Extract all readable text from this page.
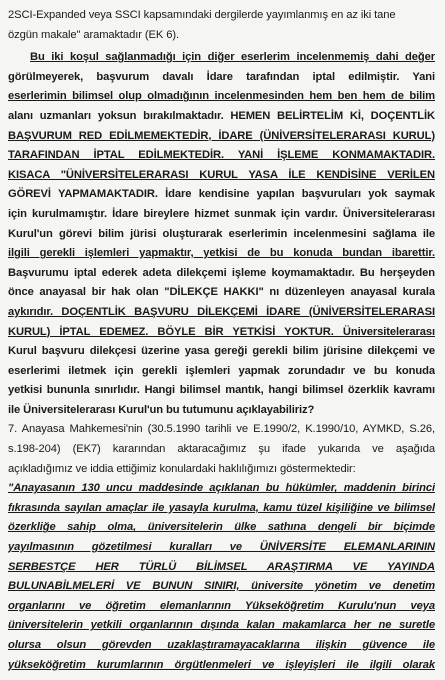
2SCI-Expanded veya SSCI kapsamındaki dergilerde yayımlanmış en az iki tane
özgün makale" aramaktadır (EK 6).
Bu iki koşul sağlanmadığı için diğer eserlerim incelenmemiş dahi değer
görülmeyerek, başvurum davalı İdare tarafından iptal edilmiştir. Yani
eserlerimin bilimsel olup olmadığının incelenmesinden hem ben hem de bilim
alanı uzmanları yoksun bırakılmaktadır. HEMEN BELİRTELİM Kİ, DOÇENTLİK
BAŞVURUM RED EDİLMEMEKTEDİR, İDARE (ÜNİVERSİTELERARASI KURUL)
TARAFINDAN İPTAL EDİLMEKTEDİR. YANİ İŞLEME KONMAMAKTADIR.
KISACA "ÜNİVERSİTELERARASI KURUL YASA İLE KENDİSİNE VERİLEN
GÖREVİ YAPMAMAKTADIR. İdare kendisine yapılan başvuruları yok saymak
için kurulmamıştır. İdare bireylere hizmet sunmak için vardır. Üniversitelerarası
Kurul'un görevi bilim jürisi oluşturarak eserlerimin incelenmesini sağlama ile
ilgili gerekli işlemleri yapmaktır, yetkisi de bu konuda bundan ibarettir.
Başvurumu iptal ederek adeta dilekçemi işleme koymamaktadır. Bu herşeyden
önce anayasal bir hak olan "DİLEKÇE HAKKI" nı düzenleyen anayasal kurala
aykırıdır. DOÇENTLİK BAŞVURU DİLEKÇEMİ İDARE (ÜNİVERSİTELERARASI
KURUL) İPTAL EDEMEZ. BÖYLE BİR YETKİSİ YOKTUR. Üniversitelerarası
Kurul başvuru dilekçesi üzerine yasa gereği gerekli bilim jürisine dilekçemi ve
eserlerimi iletmek için gerekli işlemleri yapmak zorundadır ve bu konuda
yetkisi bununla sınırlıdır. Hangi bilimsel mantık, hangi bilimsel özerklik kavramı
ile Üniversitelerarası Kurul'un bu tutumunu açıklayabiliriz?
7. Anayasa Mahkemesi'nin (30.5.1990 tarihli ve E.1990/2, K.1990/10, AYMKD, S.26,
s.198-204) (EK7) kararından aktaracağımız şu ifade yukarıda ve aşağıda
açıkladığımız ve iddia ettiğimiz konulardaki haklılığımızı göstermektedir:
"Anayasanın 130 uncu maddesinde açıklanan bu hükümler, maddenin birinci
fıkrasında sayılan amaçlar ile yasayla kurulma, kamu tüzel kişiliğine ve bilimsel
özerkliğe sahip olma, üniversitelerin ülke sathına dengeli bir biçimde
yayılmasının gözetilmesi kuralları ve ÜNİVERSİTE ELEMANLARININ
SERBESTÇE HER TÜRLÜ BİLİMSEL ARAŞTIRMA VE YAYINDA
BULUNABİLMELERİ VE BUNUN SINIRI, üniversite yönetim ve denetim
organlarını ve öğretim elemanlarının Yükseköğretim Kurulu'nun veya
üniversitelerin yetkili organlarının dışında kalan makamlarca her ne suretle
olursa olsun görevden uzaklaştıramayacaklarına ilişkin güvence ile
yükseköğretim kurumlarının örgütlenmeleri ve işleyişleri ile ilgili olarak
